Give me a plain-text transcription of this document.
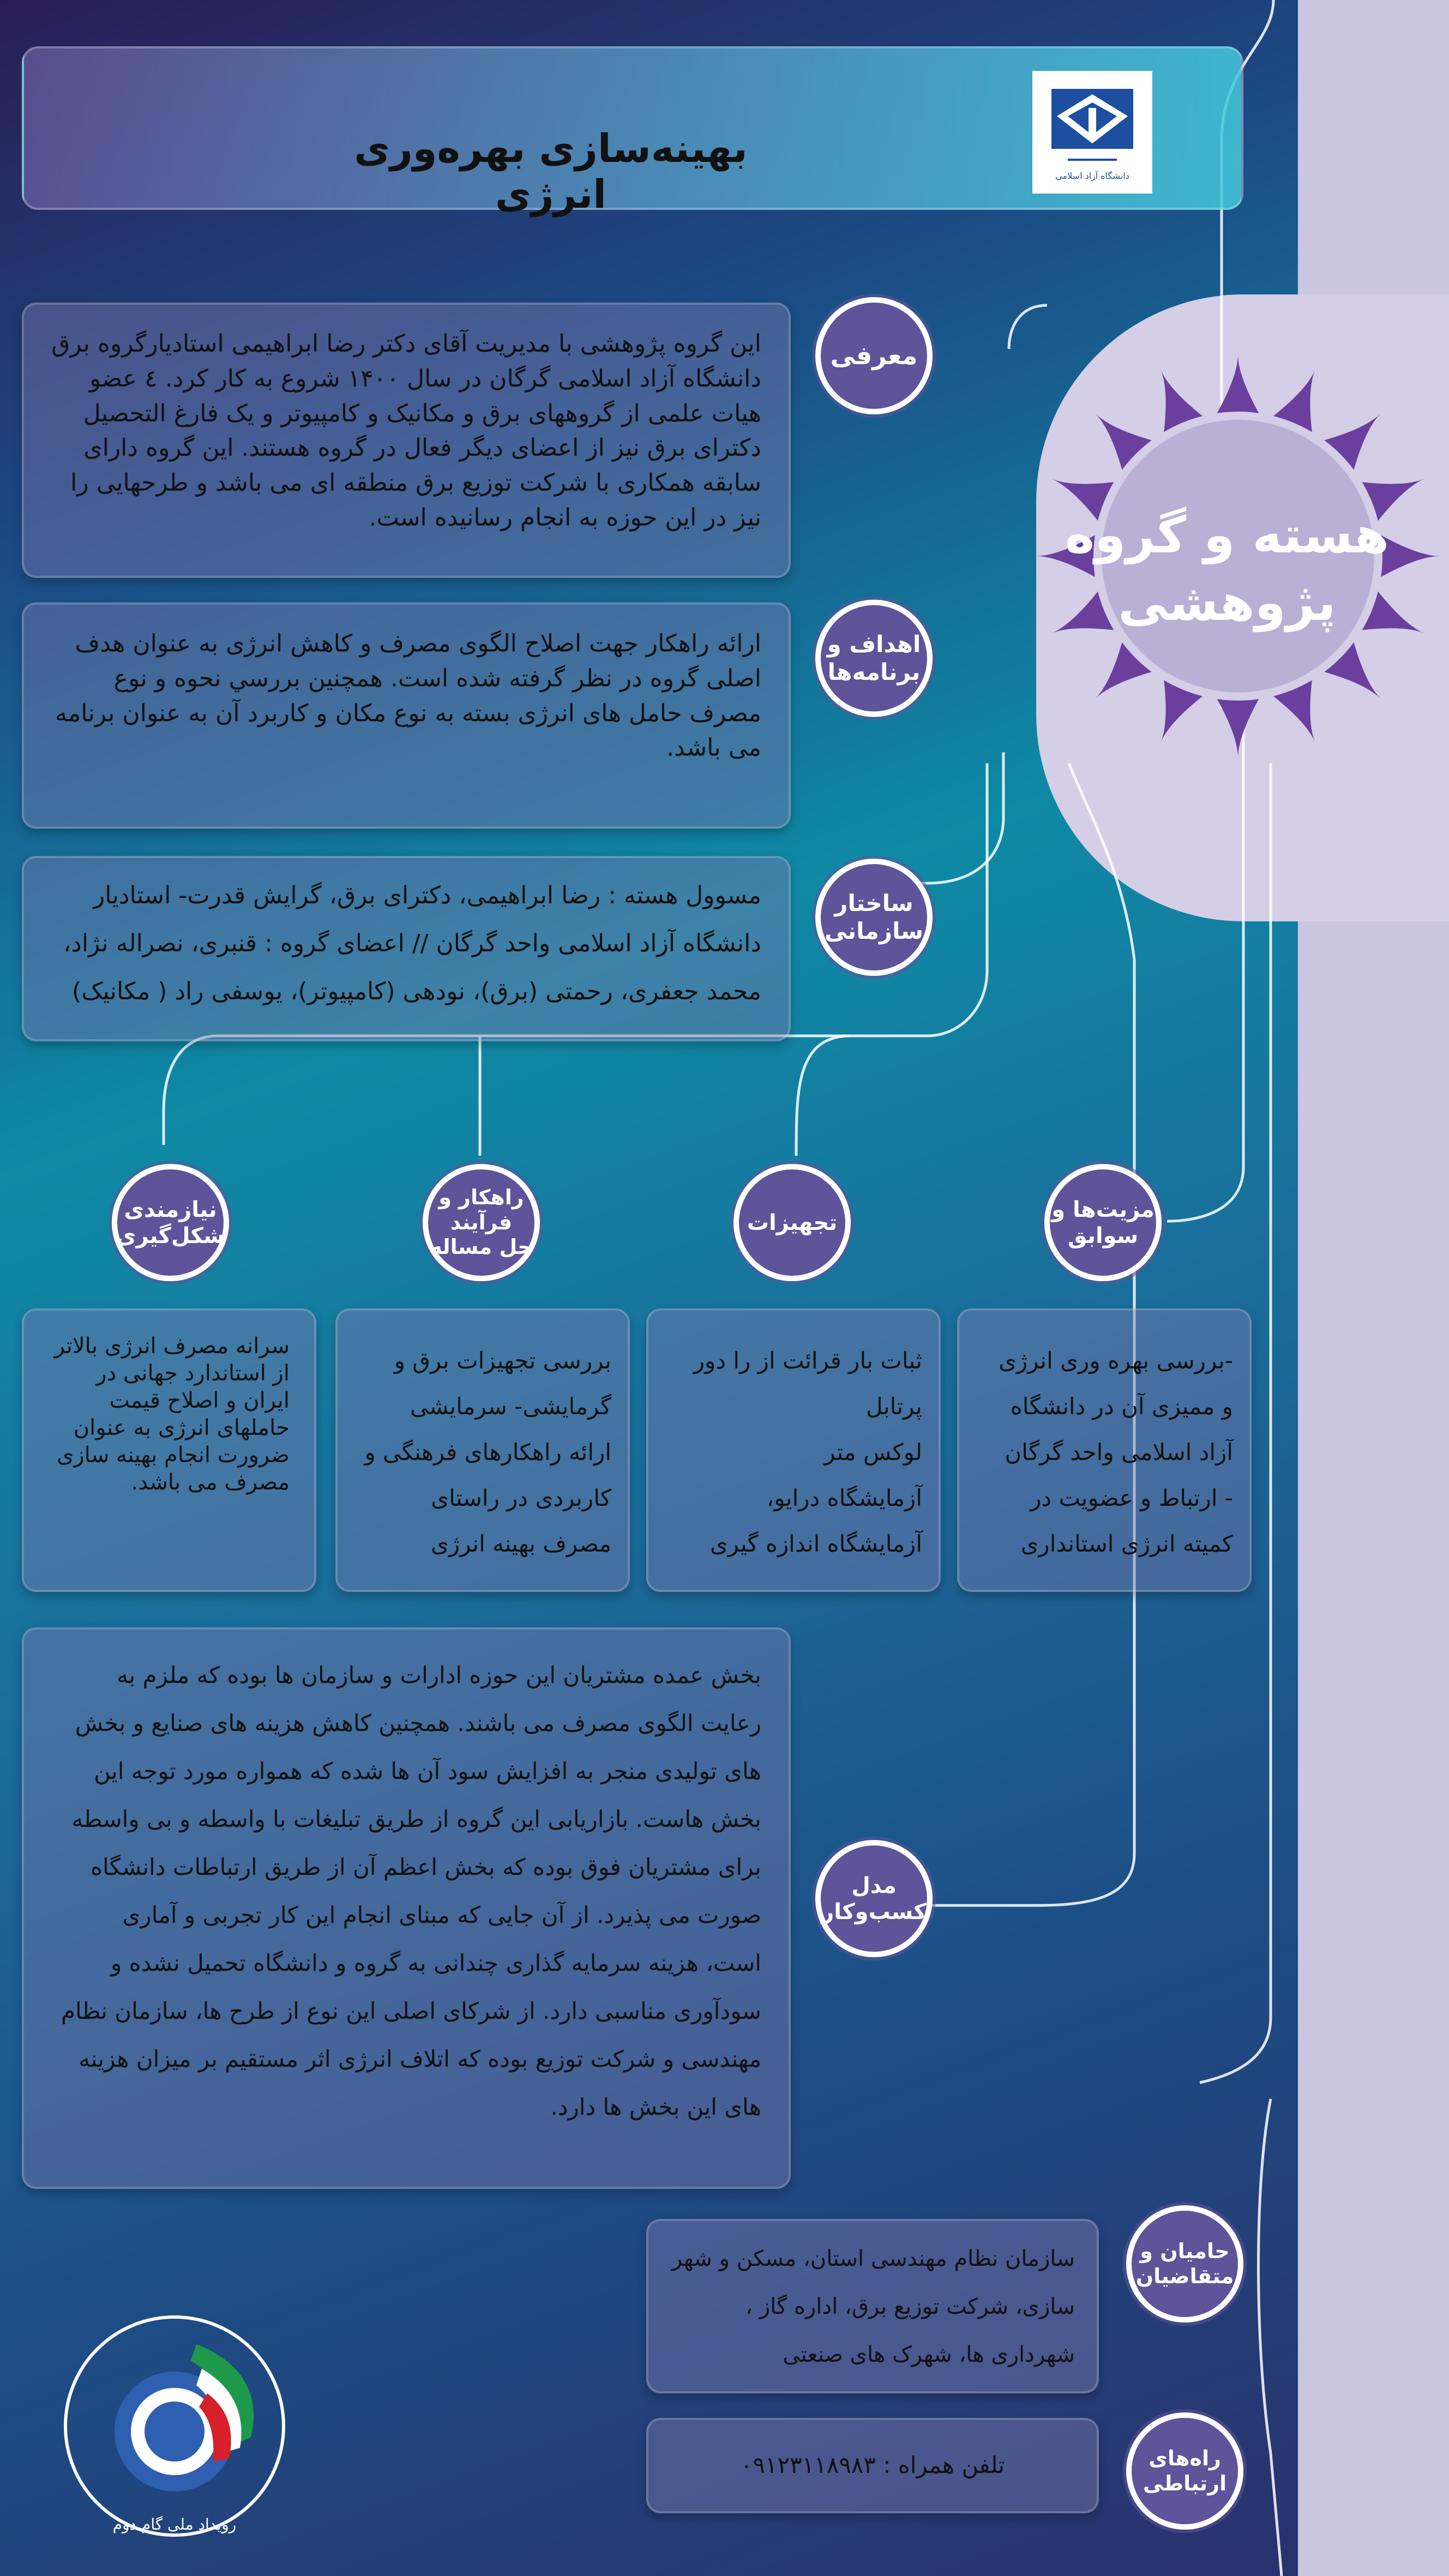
بهینه‌سازی بهره‌وری انرژی	دانشگاه آزاد اسلامی
هسته و گروه
پژوهشی
معرفی
این گروه پژوهشی با مدیریت آقای دکتر رضا ابراهیمی استادیارگروه برق دانشگاه آزاد اسلامی گرگان در سال ۱۴۰۰ شروع به کار کرد. ٤ عضو هیات علمی از گروههای برق و مکانیک و کامپیوتر و یک فارغ التحصیل دکترای برق نیز از اعضای دیگر فعال در گروه هستند. این گروه دارای سابقه همکاری با شرکت توزیع برق منطقه ای می باشد و طرحهایی را نیز در این حوزه به انجام رسانیده است.
اهداف و
برنامه‌ها
ارائه راهکار جهت اصلاح الگوی مصرف و کاهش انرژی به عنوان هدف اصلی گروه در نظر گرفته شده است. همچنین بررسي نحوه و نوع مصرف حامل های انرژی بسته به نوع مکان و کاربرد آن به عنوان برنامه می باشد.
ساختار
سازمانی
مسوول هسته : رضا ابراهیمی، دکترای برق، گرایش قدرت- استادیار
دانشگاه آزاد اسلامی واحد گرگان // اعضای گروه : قنبری، نصراله نژاد،
محمد جعفری، رحمتی (برق)، نودهی (کامپیوتر)، یوسفی راد ( مکانیک)
مزیت‌ها و
سوابق
تجهیزات
راهکار و
فرآیند
حل مساله
نیازمندی
شکل‌گیری
-بررسی بهره وری انرژی
و ممیزی آن در دانشگاه
آزاد اسلامی واحد گرگان
- ارتباط و عضویت در
کمیته انرژی استانداری
ثبات بار قرائت از را دور
پرتابل
لوکس متر
آزمایشگاه درایو،
آزمایشگاه اندازه گیری
بررسی تجهیزات برق و
گرمایشی- سرمایشی
ارائه راهکارهای فرهنگی و
کاربردی در راستای
مصرف بهینه انرژی
سرانه مصرف انرژی بالاتر از استاندارد جهانی در ایران و اصلاح قیمت حاملهای انرژی به عنوان ضرورت انجام بهینه سازی مصرف می باشد.
بخش عمده مشتریان این حوزه ادارات و سازمان ها بوده که ملزم به
رعایت الگوی مصرف می باشند. همچنین کاهش هزینه های صنایع و بخش
های تولیدی منجر به افزایش سود آن ها شده که همواره مورد توجه این
بخش هاست. بازاریابی این گروه از طریق تبلیغات با واسطه و بی واسطه
برای مشتریان فوق بوده که بخش اعظم آن از طریق ارتباطات دانشگاه
صورت می پذیرد. از آن جایی که مبنای انجام این کار تجربی و آماری
است، هزینه سرمایه گذاری چندانی به گروه و دانشگاه تحمیل نشده و
سودآوری مناسبی دارد. از شرکای اصلی این نوع از طرح ها، سازمان نظام
مهندسی و شرکت توزیع بوده که اتلاف انرژی اثر مستقیم بر میزان هزینه
های این بخش ها دارد.
مدل
کسب‌وکار
حامیان و
متقاضیان
سازمان نظام مهندسی استان، مسکن و شهر
سازی، شرکت توزیع برق، اداره گاز ،
شهرداری ها، شهرک های صنعتی
راه‌های
ارتباطی
تلفن همراه : ۰۹۱۲۳۱۱۸۹۸۳
رویداد ملی گام دوم
